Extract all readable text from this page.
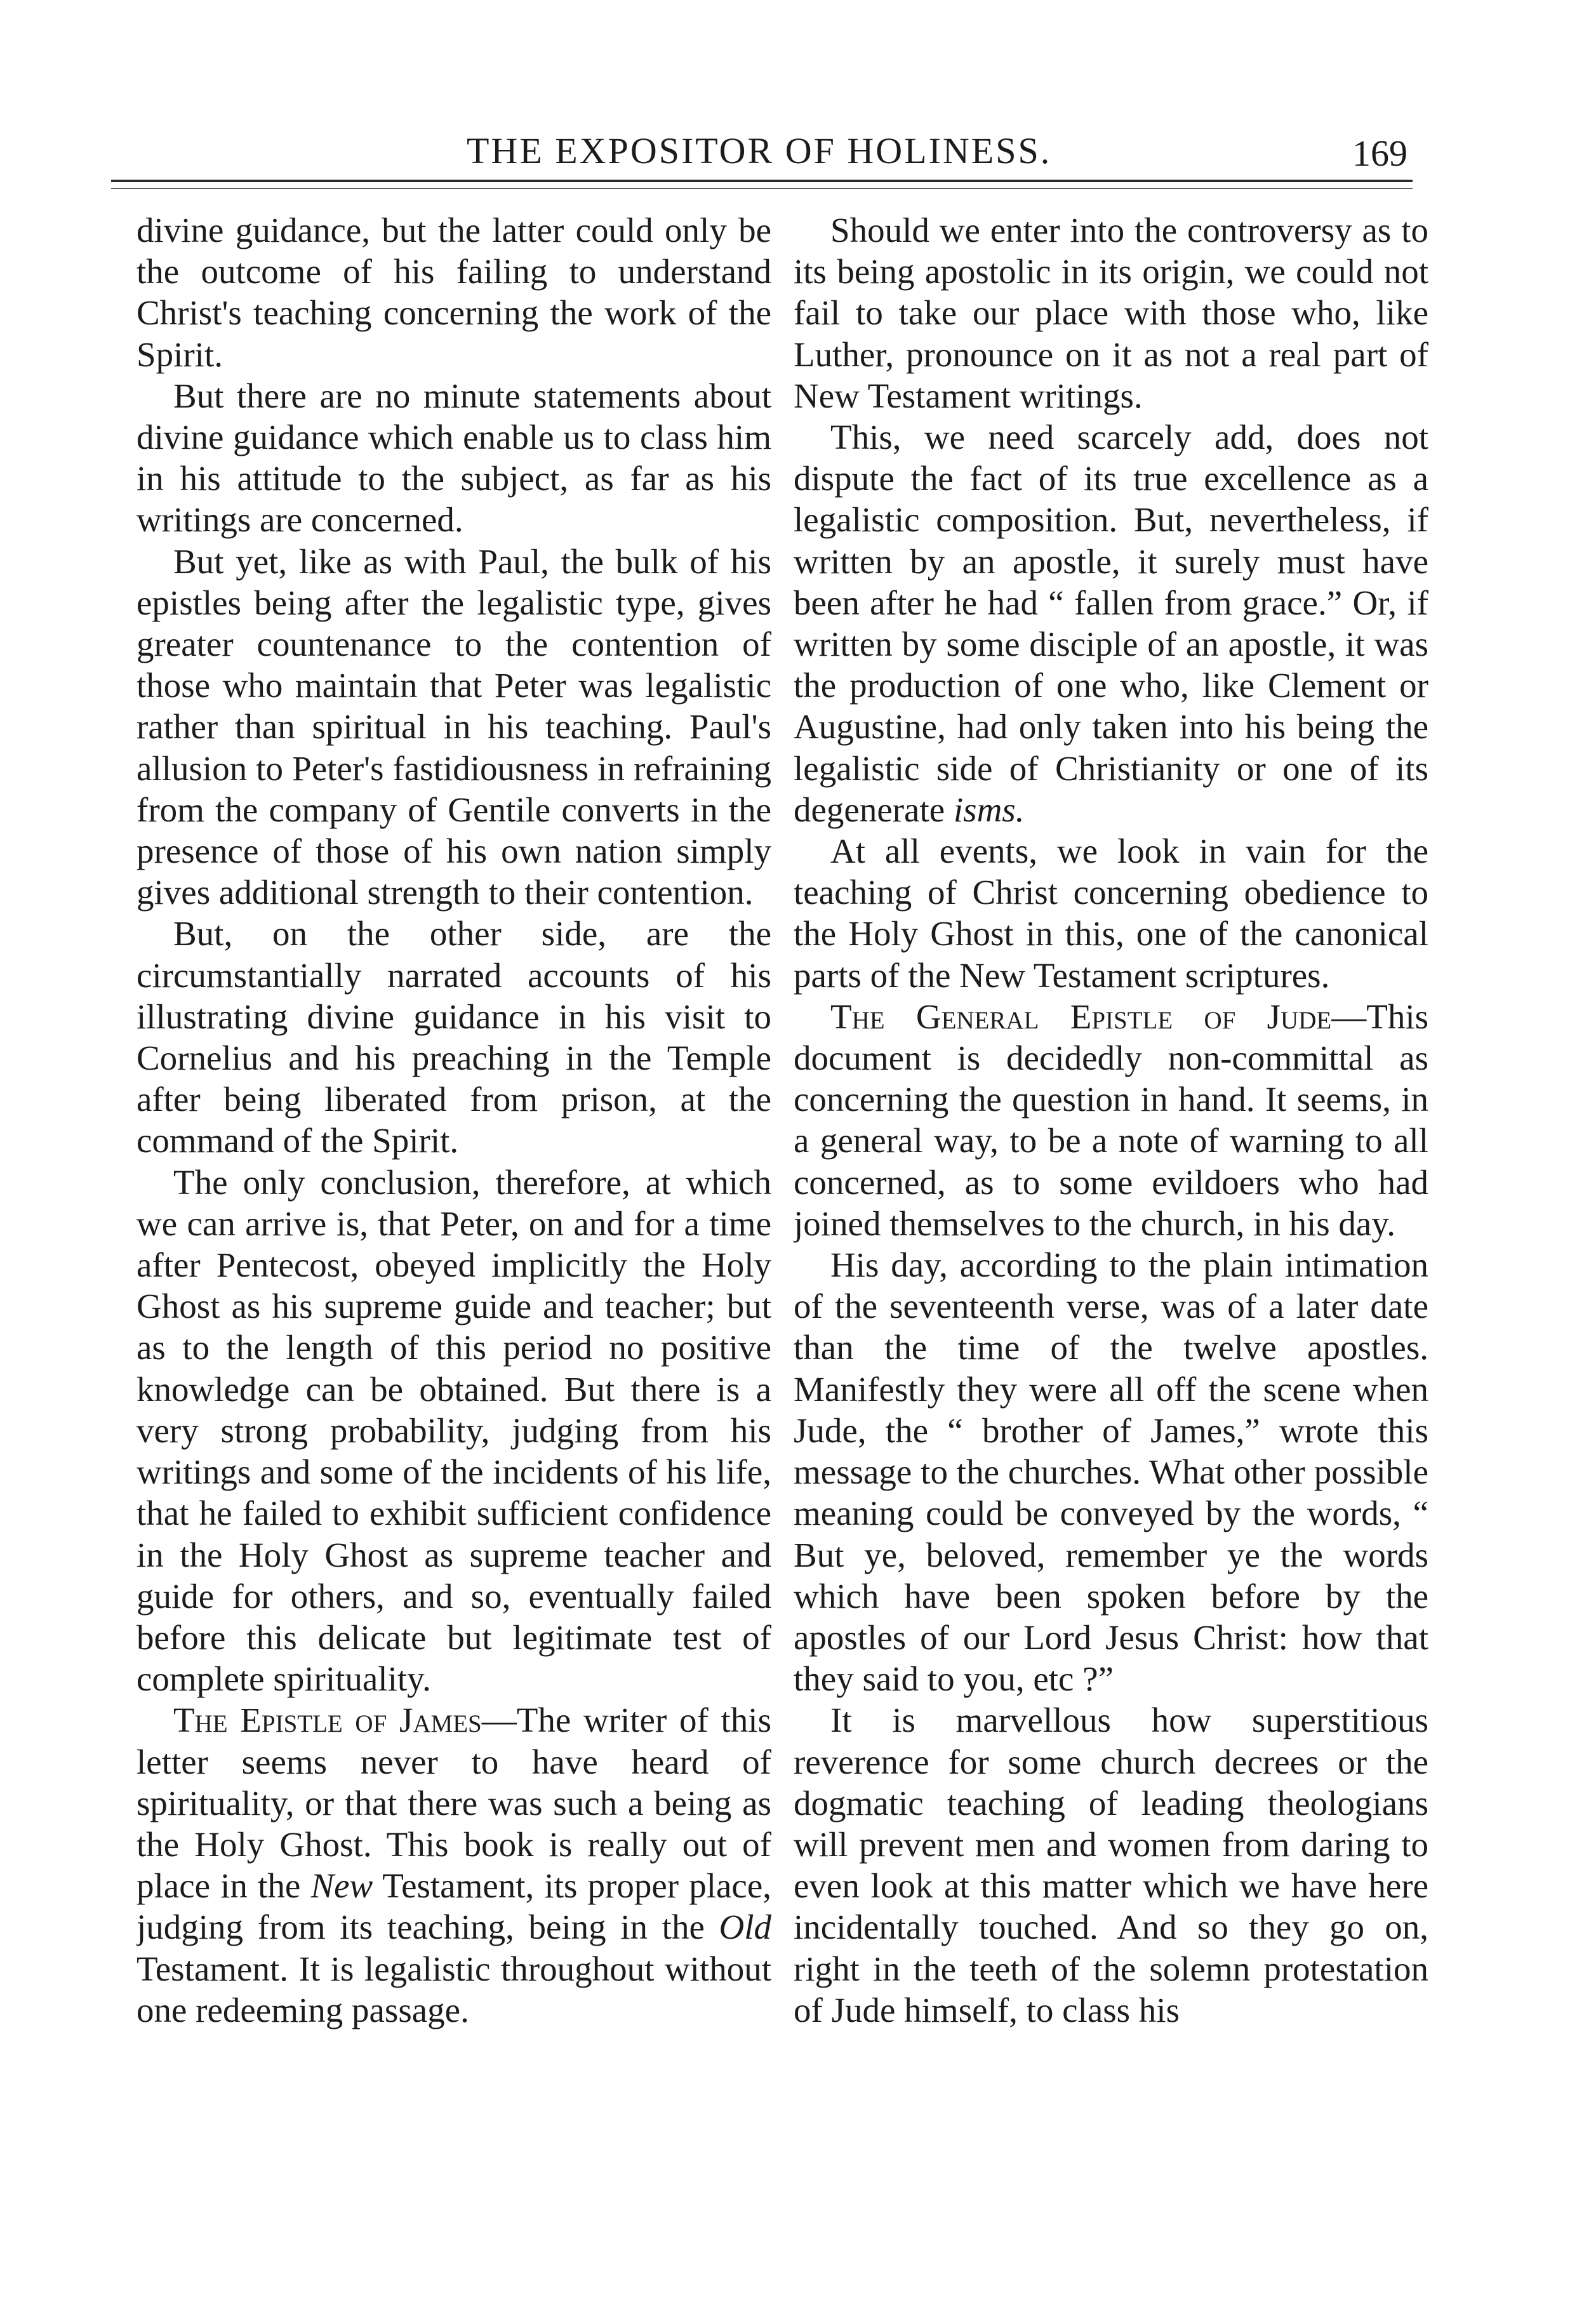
THE EXPOSITOR OF HOLINESS.	169

divine guidance, but the latter could only be the outcome of his failing to understand Christ's teaching concerning the work of the Spirit.

But there are no minute statements about divine guidance which enable us to class him in his attitude to the subject, as far as his writings are concerned.

But yet, like as with Paul, the bulk of his epistles being after the legalistic type, gives greater countenance to the contention of those who maintain that Peter was legalistic rather than spiritual in his teaching. Paul's allusion to Peter's fastidiousness in refraining from the company of Gentile converts in the presence of those of his own nation simply gives additional strength to their contention.

But, on the other side, are the circumstantially narrated accounts of his illustrating divine guidance in his visit to Cornelius and his preaching in the Temple after being liberated from prison, at the command of the Spirit.

The only conclusion, therefore, at which we can arrive is, that Peter, on and for a time after Pentecost, obeyed implicitly the Holy Ghost as his supreme guide and teacher; but as to the length of this period no positive knowledge can be obtained. But there is a very strong probability, judging from his writings and some of the incidents of his life, that he failed to exhibit sufficient confidence in the Holy Ghost as supreme teacher and guide for others, and so, eventually failed before this delicate but legitimate test of complete spirituality.

The Epistle of James—The writer of this letter seems never to have heard of spirituality, or that there was such a being as the Holy Ghost. This book is really out of place in the New Testament, its proper place, judging from its teaching, being in the Old Testament. It is legalistic throughout without one redeeming passage.

Should we enter into the controversy as to its being apostolic in its origin, we could not fail to take our place with those who, like Luther, pronounce on it as not a real part of New Testament writings.

This, we need scarcely add, does not dispute the fact of its true excellence as a legalistic composition. But, nevertheless, if written by an apostle, it surely must have been after he had “ fallen from grace.” Or, if written by some disciple of an apostle, it was the production of one who, like Clement or Augustine, had only taken into his being the legalistic side of Christianity or one of its degenerate isms.

At all events, we look in vain for the teaching of Christ concerning obedience to the Holy Ghost in this, one of the canonical parts of the New Testament scriptures.

The General Epistle of Jude—This document is decidedly non-committal as concerning the question in hand. It seems, in a general way, to be a note of warning to all concerned, as to some evildoers who had joined themselves to the church, in his day.

His day, according to the plain intimation of the seventeenth verse, was of a later date than the time of the twelve apostles. Manifestly they were all off the scene when Jude, the “ brother of James,” wrote this message to the churches. What other possible meaning could be conveyed by the words, “ But ye, beloved, remember ye the words which have been spoken before by the apostles of our Lord Jesus Christ: how that they said to you, etc ?”

It is marvellous how superstitious reverence for some church decrees or the dogmatic teaching of leading theologians will prevent men and women from daring to even look at this matter which we have here incidentally touched. And so they go on, right in the teeth of the solemn protestation of Jude himself, to class his
